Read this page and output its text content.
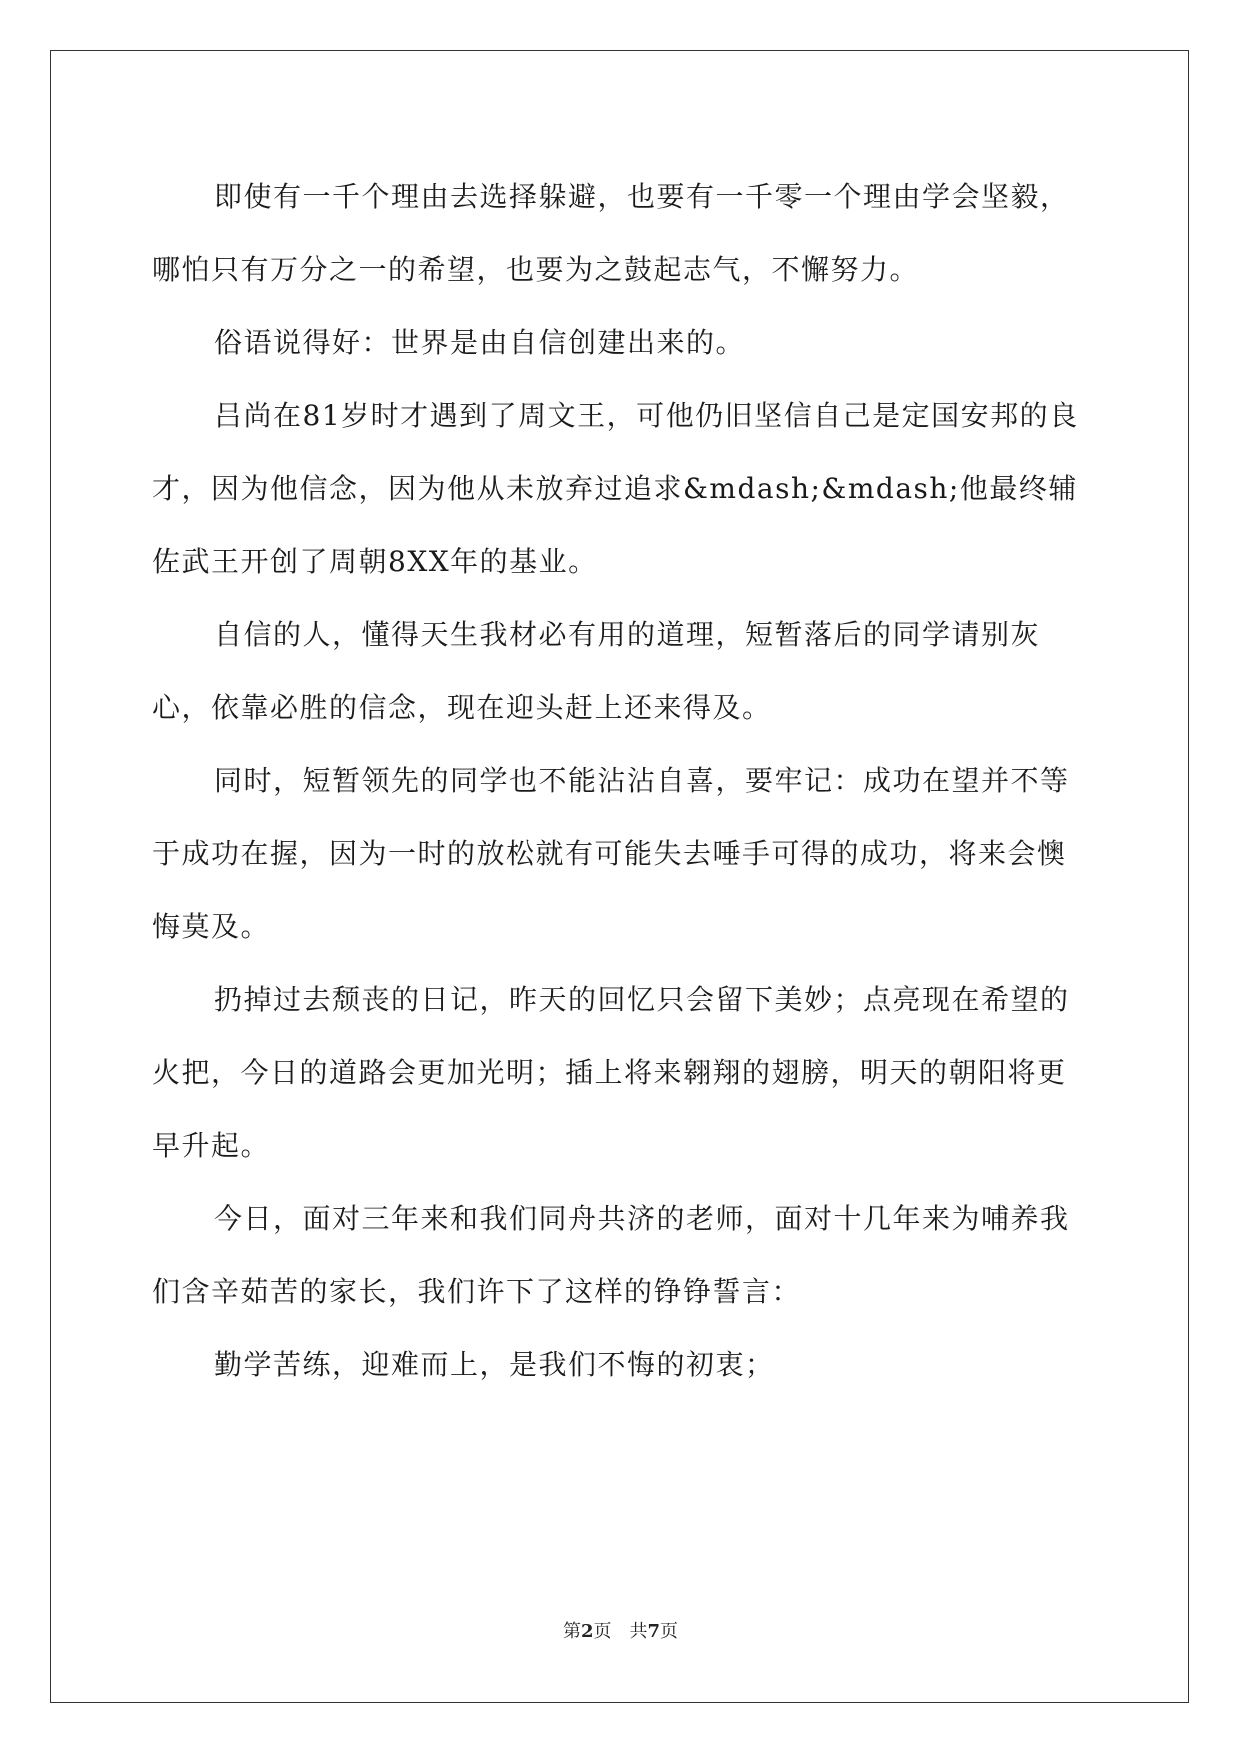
即使有一千个理由去选择躲避，也要有一千零一个理由学会坚毅，哪怕只有万分之一的希望，也要为之鼓起志气，不懈努力。

俗语说得好：世界是由自信创建出来的。

吕尚在81岁时才遇到了周文王，可他仍旧坚信自己是定国安邦的良才，因为他信念，因为他从未放弃过追求&mdash;&mdash;他最终辅佐武王开创了周朝8XX年的基业。

自信的人，懂得天生我材必有用的道理，短暂落后的同学请别灰心，依靠必胜的信念，现在迎头赶上还来得及。

同时，短暂领先的同学也不能沾沾自喜，要牢记：成功在望并不等于成功在握，因为一时的放松就有可能失去唾手可得的成功，将来会懊悔莫及。

扔掉过去颓丧的日记，昨天的回忆只会留下美妙；点亮现在希望的火把，今日的道路会更加光明；插上将来翱翔的翅膀，明天的朝阳将更早升起。

今日，面对三年来和我们同舟共济的老师，面对十几年来为哺养我们含辛茹苦的家长，我们许下了这样的铮铮誓言：

勤学苦练，迎难而上，是我们不悔的初衷；

第2页 共7页
